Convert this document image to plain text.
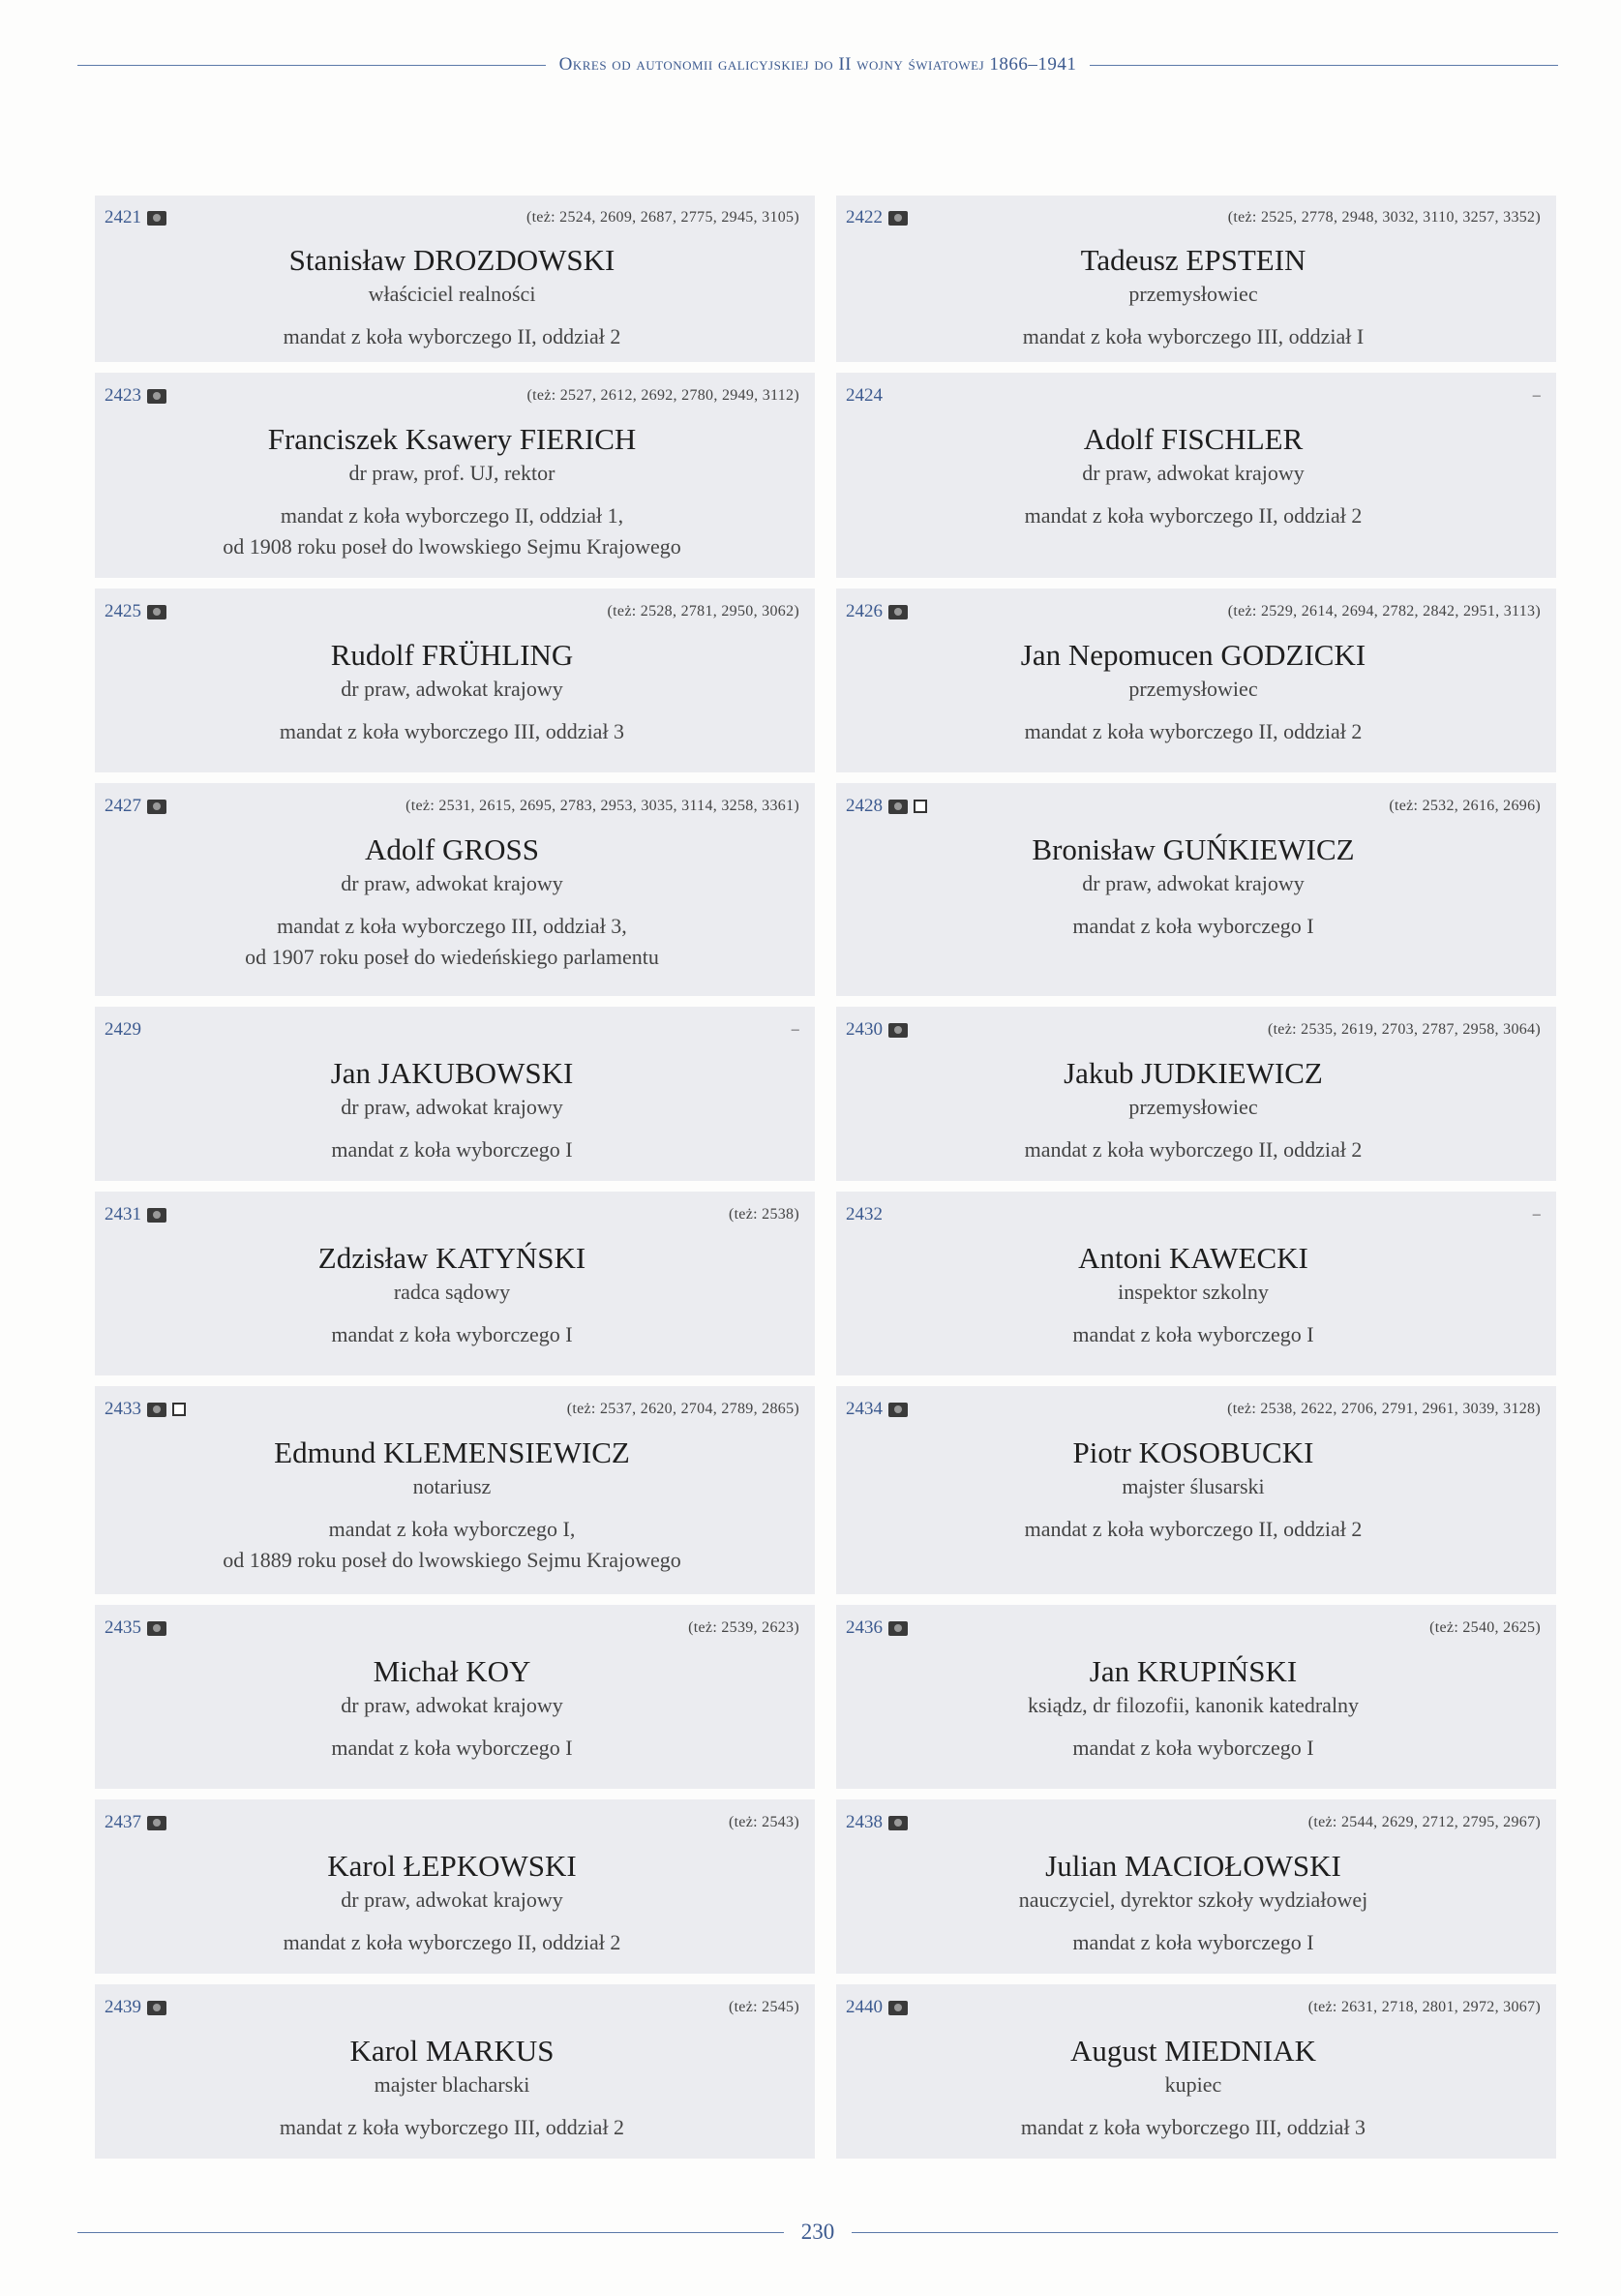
Okres od autonomii galicyjskiej do II wojny światowej 1866–1941
2421	(też: 2524, 2609, 2687, 2775, 2945, 3105)
Stanisław DROZDOWSKI
właściciel realności
mandat z koła wyborczego II, oddział 2
2422	(też: 2525, 2778, 2948, 3032, 3110, 3257, 3352)
Tadeusz EPSTEIN
przemysłowiec
mandat z koła wyborczego III, oddział I
2423	(też: 2527, 2612, 2692, 2780, 2949, 3112)
Franciszek Ksawery FIERICH
dr praw, prof. UJ, rektor
mandat z koła wyborczego II, oddział 1,
od 1908 roku poseł do lwowskiego Sejmu Krajowego
2424	–
Adolf FISCHLER
dr praw, adwokat krajowy
mandat z koła wyborczego II, oddział 2
2425	(też: 2528, 2781, 2950, 3062)
Rudolf FRÜHLING
dr praw, adwokat krajowy
mandat z koła wyborczego III, oddział 3
2426	(też: 2529, 2614, 2694, 2782, 2842, 2951, 3113)
Jan Nepomucen GODZICKI
przemysłowiec
mandat z koła wyborczego II, oddział 2
2427	(też: 2531, 2615, 2695, 2783, 2953, 3035, 3114, 3258, 3361)
Adolf GROSS
dr praw, adwokat krajowy
mandat z koła wyborczego III, oddział 3,
od 1907 roku poseł do wiedeńskiego parlamentu
2428	(też: 2532, 2616, 2696)
Bronisław GUŃKIEWICZ
dr praw, adwokat krajowy
mandat z koła wyborczego I
2429	–
Jan JAKUBOWSKI
dr praw, adwokat krajowy
mandat z koła wyborczego I
2430	(też: 2535, 2619, 2703, 2787, 2958, 3064)
Jakub JUDKIEWICZ
przemysłowiec
mandat z koła wyborczego II, oddział 2
2431	(też: 2538)
Zdzisław KATYŃSKI
radca sądowy
mandat z koła wyborczego I
2432	–
Antoni KAWECKI
inspektor szkolny
mandat z koła wyborczego I
2433	(też: 2537, 2620, 2704, 2789, 2865)
Edmund KLEMENSIEWICZ
notariusz
mandat z koła wyborczego I,
od 1889 roku poseł do lwowskiego Sejmu Krajowego
2434	(też: 2538, 2622, 2706, 2791, 2961, 3039, 3128)
Piotr KOSOBUCKI
majster ślusarski
mandat z koła wyborczego II, oddział 2
2435	(też: 2539, 2623)
Michał KOY
dr praw, adwokat krajowy
mandat z koła wyborczego I
2436	(też: 2540, 2625)
Jan KRUPIŃSKI
ksiądz, dr filozofii, kanonik katedralny
mandat z koła wyborczego I
2437	(też: 2543)
Karol ŁEPKOWSKI
dr praw, adwokat krajowy
mandat z koła wyborczego II, oddział 2
2438	(też: 2544, 2629, 2712, 2795, 2967)
Julian MACIOŁOWSKI
nauczyciel, dyrektor szkoły wydziałowej
mandat z koła wyborczego I
2439	(też: 2545)
Karol MARKUS
majster blacharski
mandat z koła wyborczego III, oddział 2
2440	(też: 2631, 2718, 2801, 2972, 3067)
August MIEDNIAK
kupiec
mandat z koła wyborczego III, oddział 3
230
